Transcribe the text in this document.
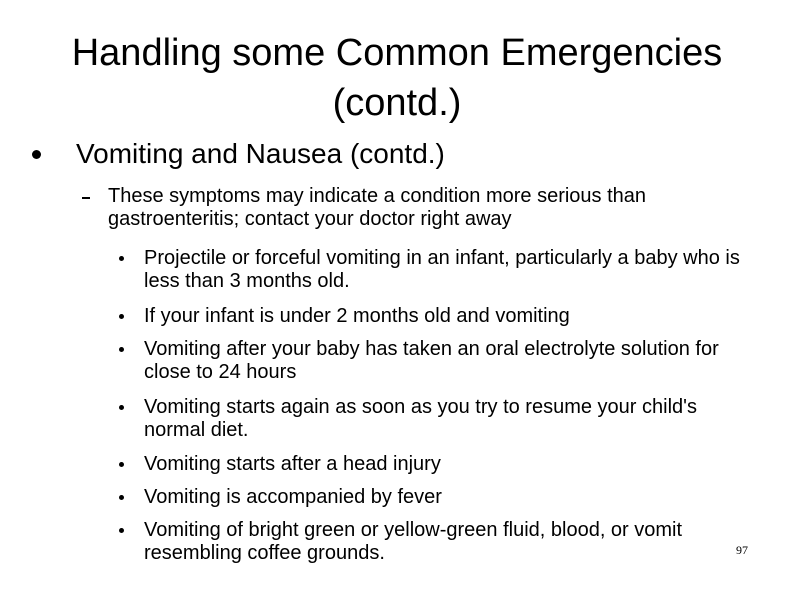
Handling some Common Emergencies (contd.)
Vomiting and Nausea (contd.)
These symptoms may indicate a condition more serious than gastroenteritis; contact your doctor right away
Projectile or forceful vomiting in an infant, particularly a baby who is less than 3 months old.
If your infant is under 2 months old and vomiting
Vomiting after your baby has taken an oral electrolyte solution for close to 24 hours
Vomiting starts again as soon as you try to resume your child's normal diet.
Vomiting starts after a head injury
Vomiting is accompanied by fever
Vomiting of bright green or yellow-green fluid, blood, or vomit resembling coffee grounds.	97
